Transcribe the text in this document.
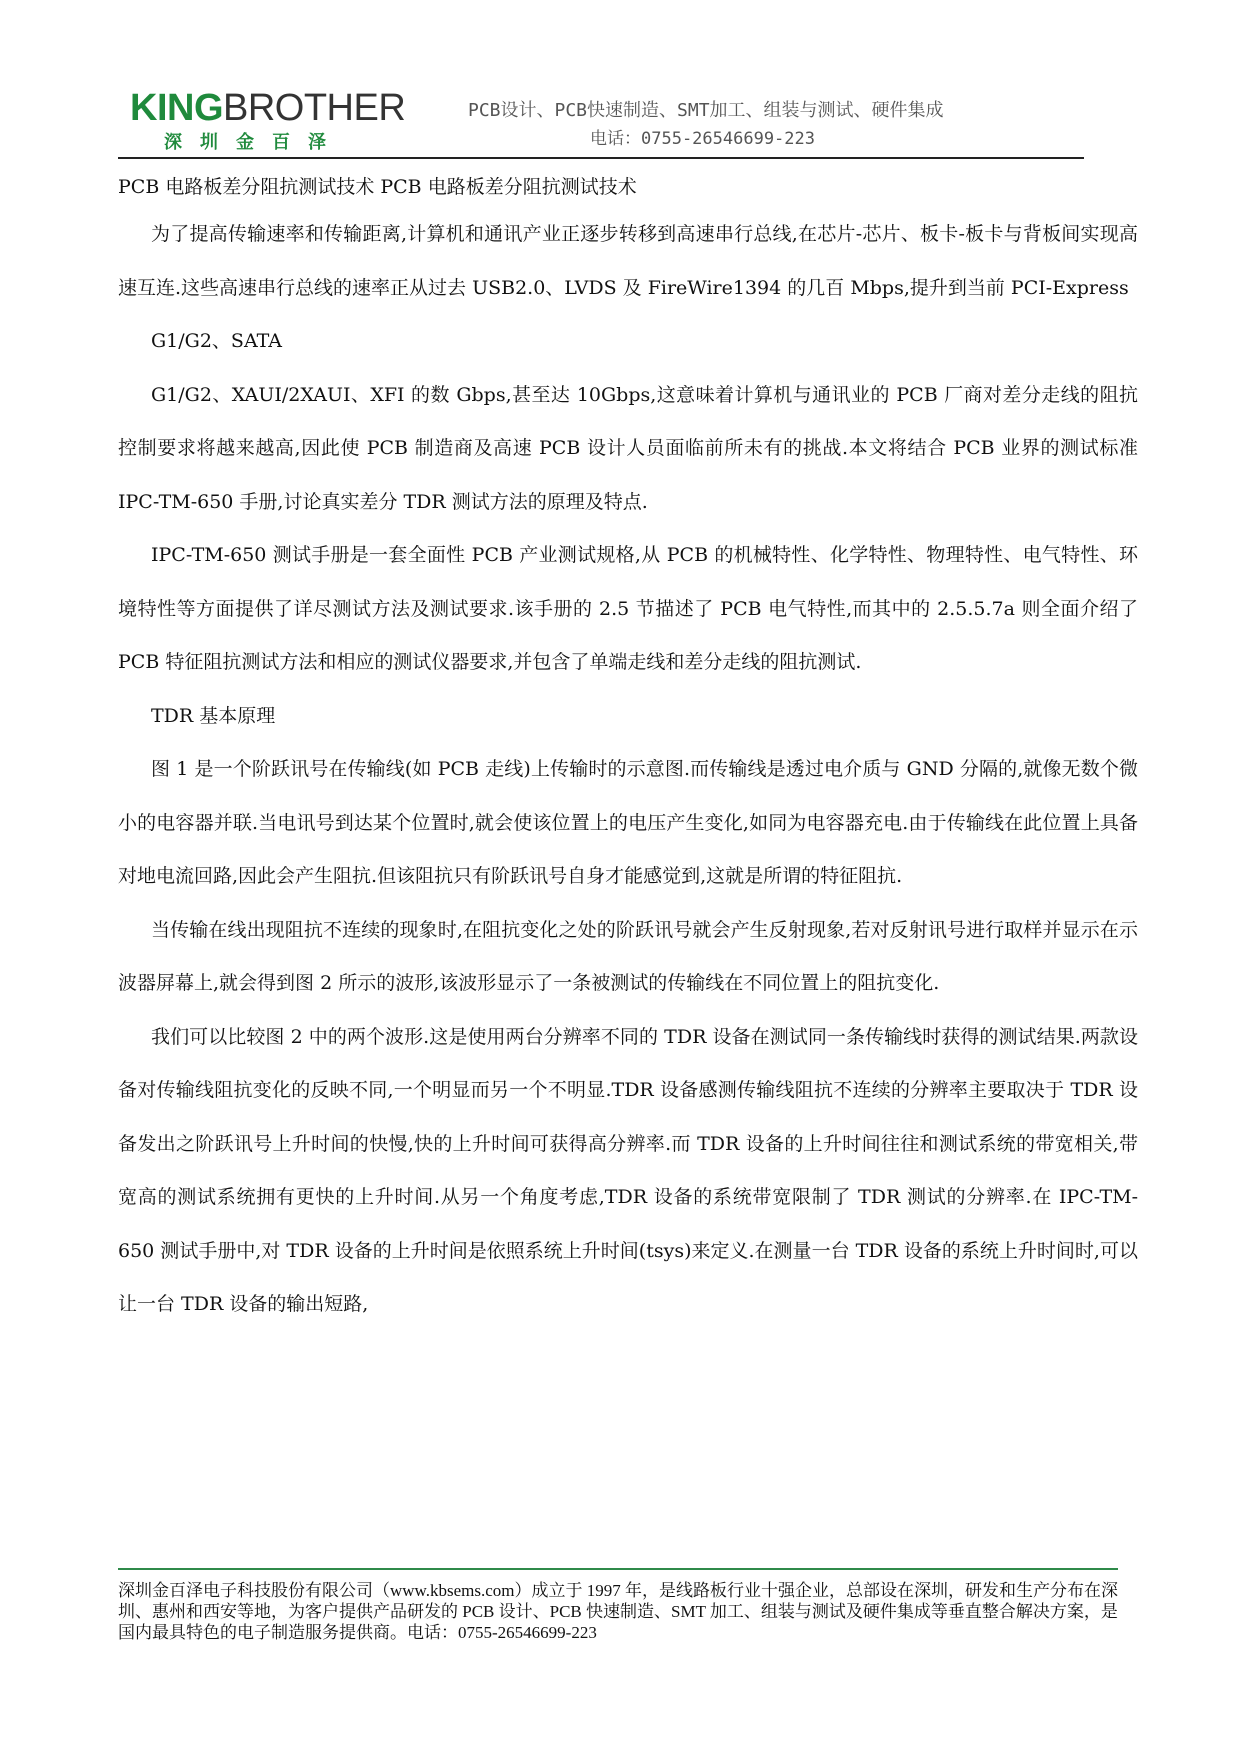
KINGBROTHER
深圳金百泽
PCB设计、PCB快速制造、SMT加工、组装与测试、硬件集成
电话：0755-26546699-223
PCB 电路板差分阻抗测试技术 PCB 电路板差分阻抗测试技术

为了提高传输速率和传输距离,计算机和通讯产业正逐步转移到高速串行总线,在芯片-芯片、板卡-板卡与背板间实现高速互连.这些高速串行总线的速率正从过去 USB2.0、LVDS 及 FireWire1394 的几百 Mbps,提升到当前 PCI-Express

G1/G2、SATA

G1/G2、XAUI/2XAUI、XFI 的数 Gbps,甚至达 10Gbps,这意味着计算机与通讯业的 PCB 厂商对差分走线的阻抗控制要求将越来越高,因此使 PCB 制造商及高速 PCB 设计人员面临前所未有的挑战.本文将结合 PCB 业界的测试标准 IPC-TM-650 手册,讨论真实差分 TDR 测试方法的原理及特点.

IPC-TM-650 测试手册是一套全面性 PCB 产业测试规格,从 PCB 的机械特性、化学特性、物理特性、电气特性、环境特性等方面提供了详尽测试方法及测试要求.该手册的 2.5 节描述了 PCB 电气特性,而其中的 2.5.5.7a 则全面介绍了 PCB 特征阻抗测试方法和相应的测试仪器要求,并包含了单端走线和差分走线的阻抗测试.

TDR 基本原理

图 1 是一个阶跃讯号在传输线(如 PCB 走线)上传输时的示意图.而传输线是透过电介质与 GND 分隔的,就像无数个微小的电容器并联.当电讯号到达某个位置时,就会使该位置上的电压产生变化,如同为电容器充电.由于传输线在此位置上具备对地电流回路,因此会产生阻抗.但该阻抗只有阶跃讯号自身才能感觉到,这就是所谓的特征阻抗.

当传输在线出现阻抗不连续的现象时,在阻抗变化之处的阶跃讯号就会产生反射现象,若对反射讯号进行取样并显示在示波器屏幕上,就会得到图 2 所示的波形,该波形显示了一条被测试的传输线在不同位置上的阻抗变化.

我们可以比较图 2 中的两个波形.这是使用两台分辨率不同的 TDR 设备在测试同一条传输线时获得的测试结果.两款设备对传输线阻抗变化的反映不同,一个明显而另一个不明显.TDR 设备感测传输线阻抗不连续的分辨率主要取决于 TDR 设备发出之阶跃讯号上升时间的快慢,快的上升时间可获得高分辨率.而 TDR 设备的上升时间往往和测试系统的带宽相关,带宽高的测试系统拥有更快的上升时间.从另一个角度考虑,TDR 设备的系统带宽限制了 TDR 测试的分辨率.在 IPC-TM-650 测试手册中,对 TDR 设备的上升时间是依照系统上升时间(tsys)来定义.在测量一台 TDR 设备的系统上升时间时,可以让一台 TDR 设备的输出短路,

深圳金百泽电子科技股份有限公司（www.kbsems.com）成立于 1997 年，是线路板行业十强企业，总部设在深圳，研发和生产分布在深圳、惠州和西安等地，为客户提供产品研发的 PCB 设计、PCB 快速制造、SMT 加工、组装与测试及硬件集成等垂直整合解决方案，是国内最具特色的电子制造服务提供商。电话：0755-26546699-223
